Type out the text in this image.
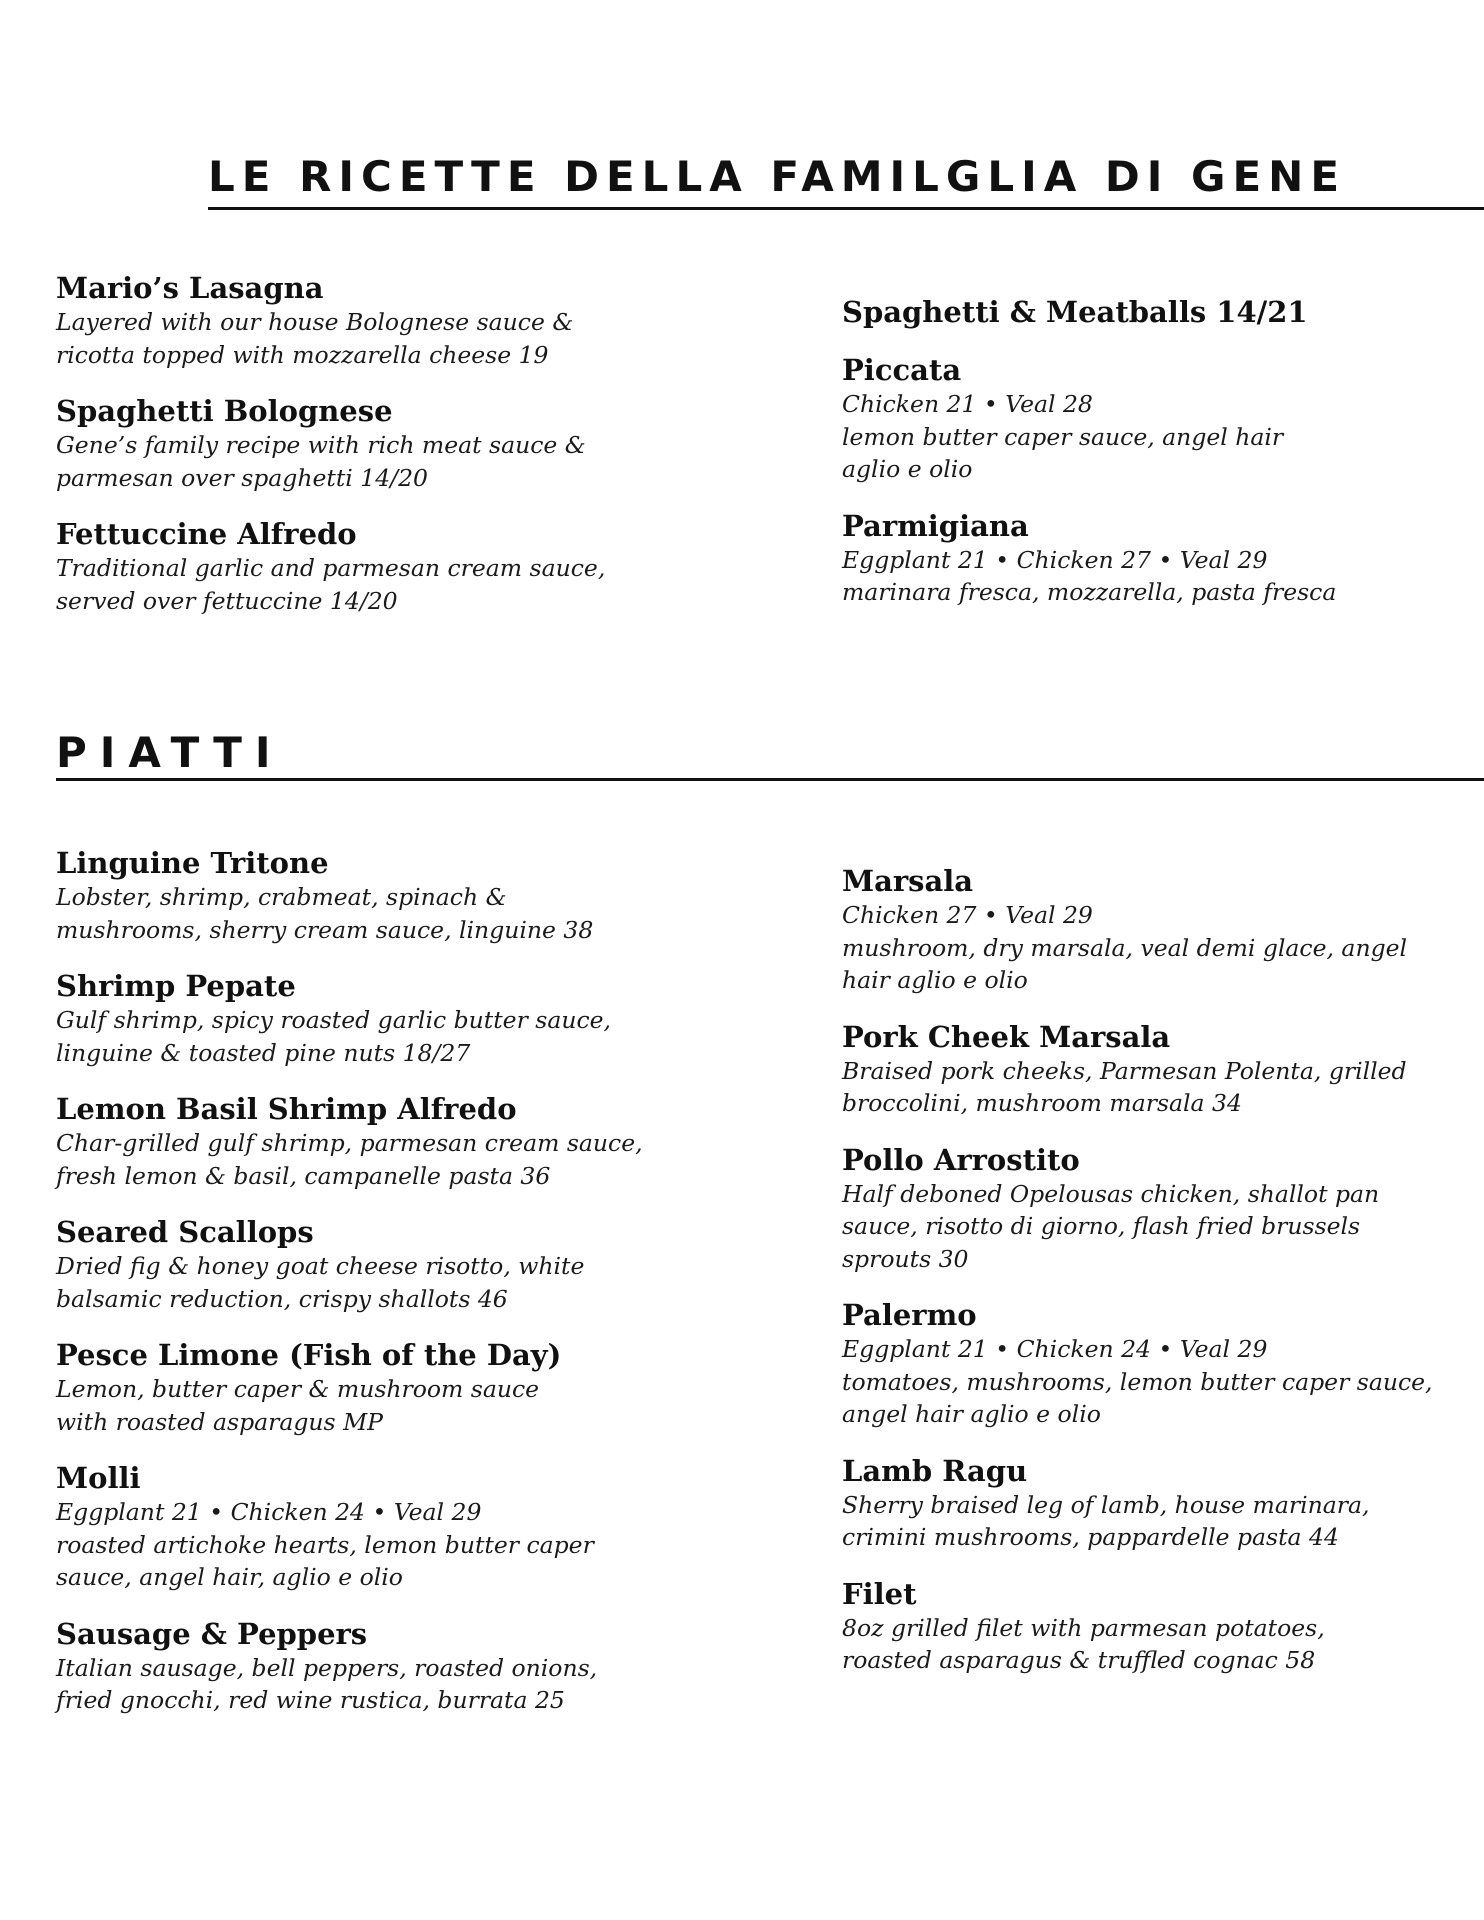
LE RICETTE DELLA FAMILGLIA DI GENE
Mario’s Lasagna
Layered with our house Bolognese sauce &
ricotta topped with mozzarella cheese 19
Spaghetti Bolognese
Gene’s family recipe with rich meat sauce &
parmesan over spaghetti 14/20
Fettuccine Alfredo
Traditional garlic and parmesan cream sauce,
served over fettuccine 14/20
Spaghetti & Meatballs 14/21
Piccata
Chicken 21 • Veal 28
lemon butter caper sauce, angel hair
aglio e olio
Parmigiana
Eggplant 21 • Chicken 27 • Veal 29
marinara fresca, mozzarella, pasta fresca
PIATTI
Linguine Tritone
Lobster, shrimp, crabmeat, spinach &
mushrooms, sherry cream sauce, linguine 38
Shrimp Pepate
Gulf shrimp, spicy roasted garlic butter sauce,
linguine & toasted pine nuts 18/27
Lemon Basil Shrimp Alfredo
Char-grilled gulf shrimp, parmesan cream sauce,
fresh lemon & basil, campanelle pasta 36
Seared Scallops
Dried fig & honey goat cheese risotto, white
balsamic reduction, crispy shallots 46
Pesce Limone (Fish of the Day)
Lemon, butter caper & mushroom sauce
with roasted asparagus MP
Molli
Eggplant 21 • Chicken 24 • Veal 29
roasted artichoke hearts, lemon butter caper
sauce, angel hair, aglio e olio
Sausage & Peppers
Italian sausage, bell peppers, roasted onions,
fried gnocchi, red wine rustica, burrata 25
Marsala
Chicken 27 • Veal 29
mushroom, dry marsala, veal demi glace, angel
hair aglio e olio
Pork Cheek Marsala
Braised pork cheeks, Parmesan Polenta, grilled
broccolini, mushroom marsala 34
Pollo Arrostito
Half deboned Opelousas chicken, shallot pan
sauce, risotto di giorno, flash fried brussels
sprouts 30
Palermo
Eggplant 21 • Chicken 24 • Veal 29
tomatoes, mushrooms, lemon butter caper sauce,
angel hair aglio e olio
Lamb Ragu
Sherry braised leg of lamb, house marinara,
crimini mushrooms, pappardelle pasta 44
Filet
8oz grilled filet with parmesan potatoes,
roasted asparagus & truffled cognac 58
